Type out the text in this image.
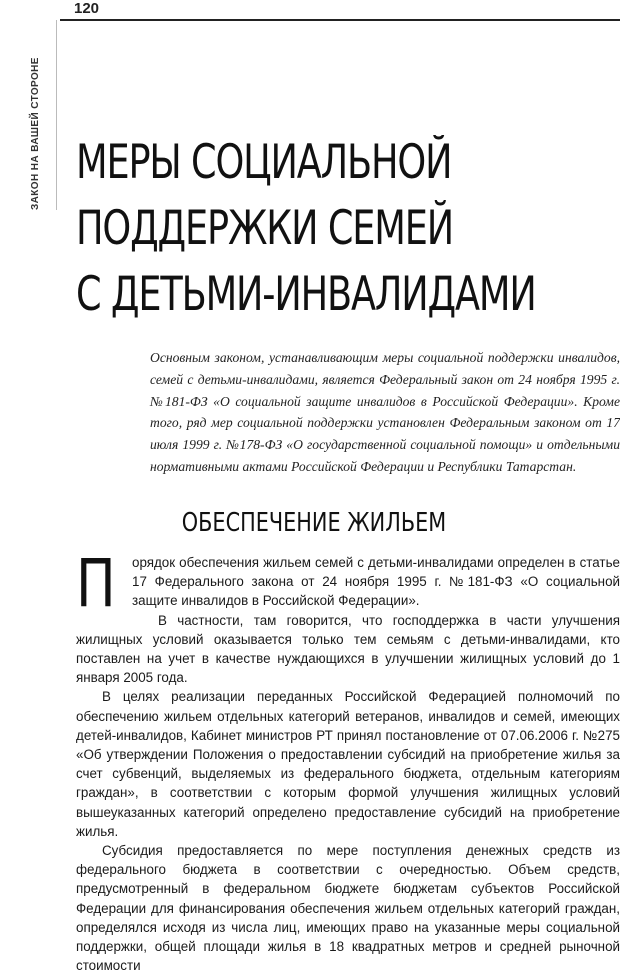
120
ЗАКОН НА ВАШЕЙ СТОРОНЕ МЕРЫ СОЦИАЛЬНОЙ
ПОДДЕРЖКИ СЕМЕЙ
С ДЕТЬМИ-ИНВАЛИДАМИ

Основным законом, устанавливающим меры социальной поддержки инвалидов, семей с детьми-инвалидами, является Федеральный закон от 24 ноября 1995 г. №181-ФЗ «О социальной защите инвалидов в Российской Федерации». Кроме того, ряд мер социальной поддержки установлен Федеральным законом от 17 июля 1999 г. №178-ФЗ «О государственной социальной помощи» и отдельными нормативными актами Российской Федерации и Республики Татарстан.

ОБЕСПЕЧЕНИЕ ЖИЛЬЕМ

П орядок обеспечения жильем семей с детьми-инвалидами определен в статье 17 Федерального закона от 24 ноября 1995 г. №181-ФЗ «О социальной защите инвалидов в Российской Федерации».

В частности, там говорится, что господдержка в части улучшения жилищных условий оказывается только тем семьям с детьми-инвалидами, кто поставлен на учет в качестве нуждающихся в улучшении жилищных условий до 1 января 2005 года.

В целях реализации переданных Российской Федерацией полномочий по обеспечению жильем отдельных категорий ветеранов, инвалидов и семей, имеющих детей-инвалидов, Кабинет министров РТ принял постановление от 07.06.2006 г. №275 «Об утверждении Положения о предоставлении субсидий на приобретение жилья за счет субвенций, выделяемых из федерального бюджета, отдельным категориям граждан», в соответствии с которым формой улучшения жилищных условий вышеуказанных категорий определено предоставление субсидий на приобретение жилья.

Субсидия предоставляется по мере поступления денежных средств из федерального бюджета в соответствии с очередностью. Объем средств, предусмотренный в федеральном бюджете бюджетам субъектов Российской Федерации для финансирования обеспечения жильем отдельных категорий граждан, определялся исходя из числа лиц, имеющих право на указанные меры социальной поддержки, общей площади жилья в 18 квадратных метров и средней рыночной стоимости
